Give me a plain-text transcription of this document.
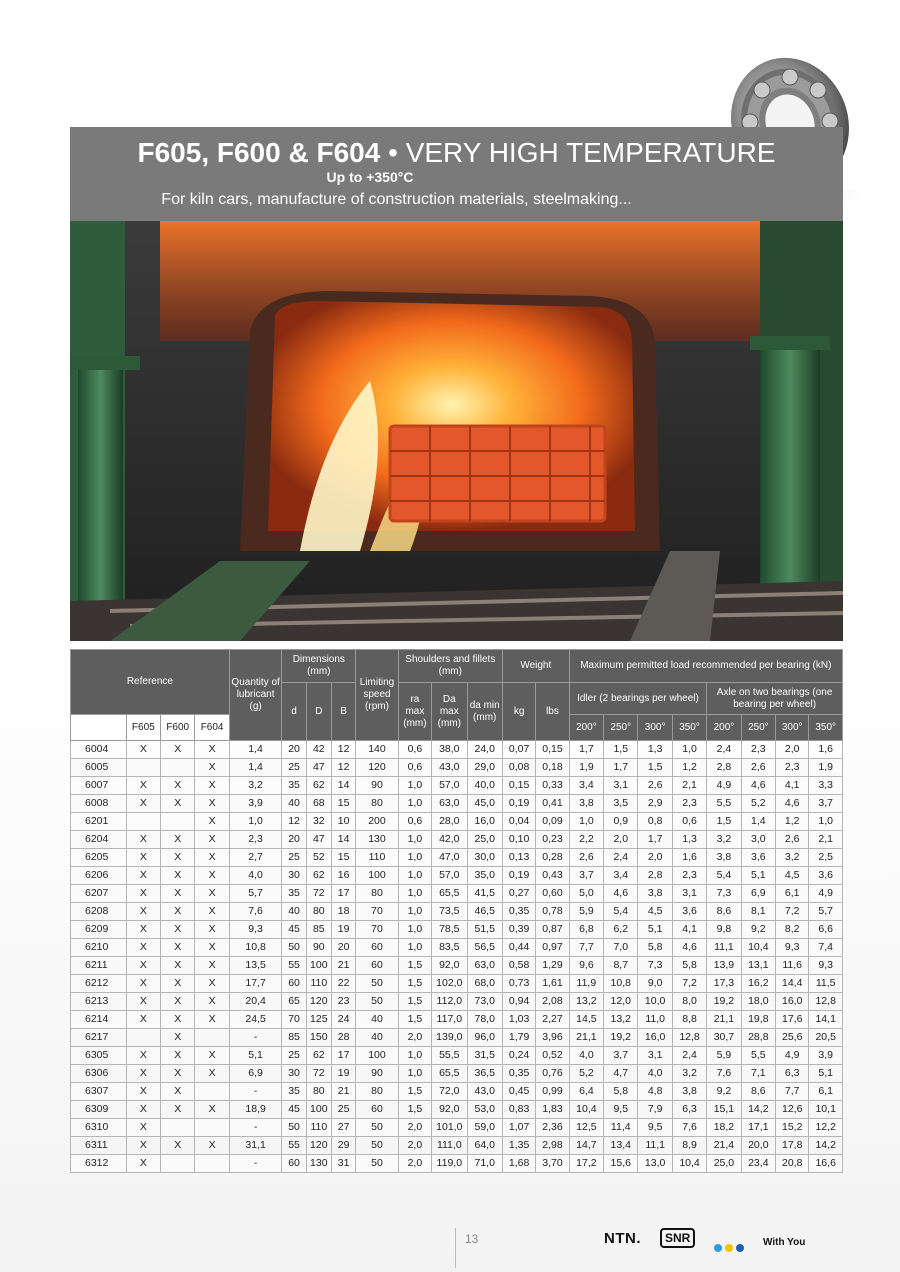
F605, F600 & F604 • VERY HIGH TEMPERATURE
Up to +350°C
For kiln cars, manufacture of construction materials, steelmaking...
Reference				Quantity of lubricant (g)	Dimensions (mm)			Limiting speed (rpm)	Shoulders and fillets (mm)			Weight		Maximum permitted load recommended per bearing (kN)							
					d	D	B		ra max (mm)	Da max (mm)	da min (mm)	kg	lbs	Idler (2 bearings per wheel)				Axle on two bearings (one bearing per wheel)			

	F605	F600	F604											200°	250°	300°	350°	200°	250°	300°	350°
6004	X	X	X	1,4	20	42	12	140	0,6	38,0	24,0	0,07	0,15	1,7	1,5	1,3	1,0	2,4	2,3	2,0	1,6
6005			X	1,4	25	47	12	120	0,6	43,0	29,0	0,08	0,18	1,9	1,7	1,5	1,2	2,8	2,6	2,3	1,9
6007	X	X	X	3,2	35	62	14	90	1,0	57,0	40,0	0,15	0,33	3,4	3,1	2,6	2,1	4,9	4,6	4,1	3,3
6008	X	X	X	3,9	40	68	15	80	1,0	63,0	45,0	0,19	0,41	3,8	3,5	2,9	2,3	5,5	5,2	4,6	3,7
6201			X	1,0	12	32	10	200	0,6	28,0	16,0	0,04	0,09	1,0	0,9	0,8	0,6	1,5	1,4	1,2	1,0
6204	X	X	X	2,3	20	47	14	130	1,0	42,0	25,0	0,10	0,23	2,2	2,0	1,7	1,3	3,2	3,0	2,6	2,1
6205	X	X	X	2,7	25	52	15	110	1,0	47,0	30,0	0,13	0,28	2,6	2,4	2,0	1,6	3,8	3,6	3,2	2,5
6206	X	X	X	4,0	30	62	16	100	1,0	57,0	35,0	0,19	0,43	3,7	3,4	2,8	2,3	5,4	5,1	4,5	3,6
6207	X	X	X	5,7	35	72	17	80	1,0	65,5	41,5	0,27	0,60	5,0	4,6	3,8	3,1	7,3	6,9	6,1	4,9
6208	X	X	X	7,6	40	80	18	70	1,0	73,5	46,5	0,35	0,78	5,9	5,4	4,5	3,6	8,6	8,1	7,2	5,7
6209	X	X	X	9,3	45	85	19	70	1,0	78,5	51,5	0,39	0,87	6,8	6,2	5,1	4,1	9,8	9,2	8,2	6,6
6210	X	X	X	10,8	50	90	20	60	1,0	83,5	56,5	0,44	0,97	7,7	7,0	5,8	4,6	11,1	10,4	9,3	7,4
6211	X	X	X	13,5	55	100	21	60	1,5	92,0	63,0	0,58	1,29	9,6	8,7	7,3	5,8	13,9	13,1	11,6	9,3
6212	X	X	X	17,7	60	110	22	50	1,5	102,0	68,0	0,73	1,61	11,9	10,8	9,0	7,2	17,3	16,2	14,4	11,5
6213	X	X	X	20,4	65	120	23	50	1,5	112,0	73,0	0,94	2,08	13,2	12,0	10,0	8,0	19,2	18,0	16,0	12,8
6214	X	X	X	24,5	70	125	24	40	1,5	117,0	78,0	1,03	2,27	14,5	13,2	11,0	8,8	21,1	19,8	17,6	14,1
6217		X		-	85	150	28	40	2,0	139,0	96,0	1,79	3,96	21,1	19,2	16,0	12,8	30,7	28,8	25,6	20,5
6305	X	X	X	5,1	25	62	17	100	1,0	55,5	31,5	0,24	0,52	4,0	3,7	3,1	2,4	5,9	5,5	4,9	3,9
6306	X	X	X	6,9	30	72	19	90	1,0	65,5	36,5	0,35	0,76	5,2	4,7	4,0	3,2	7,6	7,1	6,3	5,1
6307	X	X		-	35	80	21	80	1,5	72,0	43,0	0,45	0,99	6,4	5,8	4,8	3,8	9,2	8,6	7,7	6,1
6309	X	X	X	18,9	45	100	25	60	1,5	92,0	53,0	0,83	1,83	10,4	9,5	7,9	6,3	15,1	14,2	12,6	10,1
6310	X			-	50	110	27	50	2,0	101,0	59,0	1,07	2,36	12,5	11,4	9,5	7,6	18,2	17,1	15,2	12,2
6311	X	X	X	31,1	55	120	29	50	2,0	111,0	64,0	1,35	2,98	14,7	13,4	11,1	8,9	21,4	20,0	17,8	14,2
6312	X			-	60	130	31	50	2,0	119,0	71,0	1,68	3,70	17,2	15,6	13,0	10,4	25,0	23,4	20,8	16,6
13	NTN.	SNR	With You
